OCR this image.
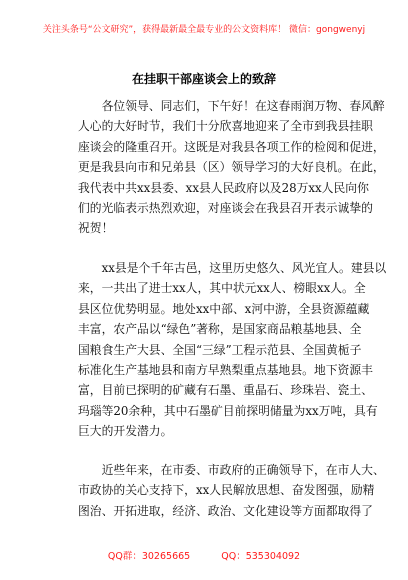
关注头条号“公文研究”，获得最新最全最专业的公文资料库！ 微信：gongwenyj
在挂职干部座谈会上的致辞
　　各位领导、同志们，下午好！在这春雨润万物、春风醉
人心的大好时节，我们十分欣喜地迎来了全市到我县挂职
座谈会的隆重召开。这既是对我县各项工作的检阅和促进，
更是我县向市和兄弟县（区）领导学习的大好良机。在此，
我代表中共xx县委、xx县人民政府以及28万xx人民向你
们的光临表示热烈欢迎，对座谈会在我县召开表示诚挚的
祝贺！
　　xx县是个千年古邑，这里历史悠久、风光宜人。建县以
来，一共出了进士xx人，其中状元xx人、榜眼xx人。全
县区位优势明显。地处xx中部、x河中游，全县资源蕴藏
丰富，农产品以“绿色”著称，是国家商品粮基地县、全
国粮食生产大县、全国“三绿”工程示范县、全国黄栀子
标准化生产基地县和南方早熟梨重点基地县。地下资源丰
富，目前已探明的矿藏有石墨、重晶石、珍珠岩、瓷土、
玛瑙等20余种，其中石墨矿目前探明储量为xx万吨，具有
巨大的开发潜力。
　　近些年来，在市委、市政府的正确领导下，在市人大、
市政协的关心支持下，xx人民解放思想、奋发图强，励精
图治、开拓进取，经济、政治、文化建设等方面都取得了
QQ群：30265665	QQ：535304092
